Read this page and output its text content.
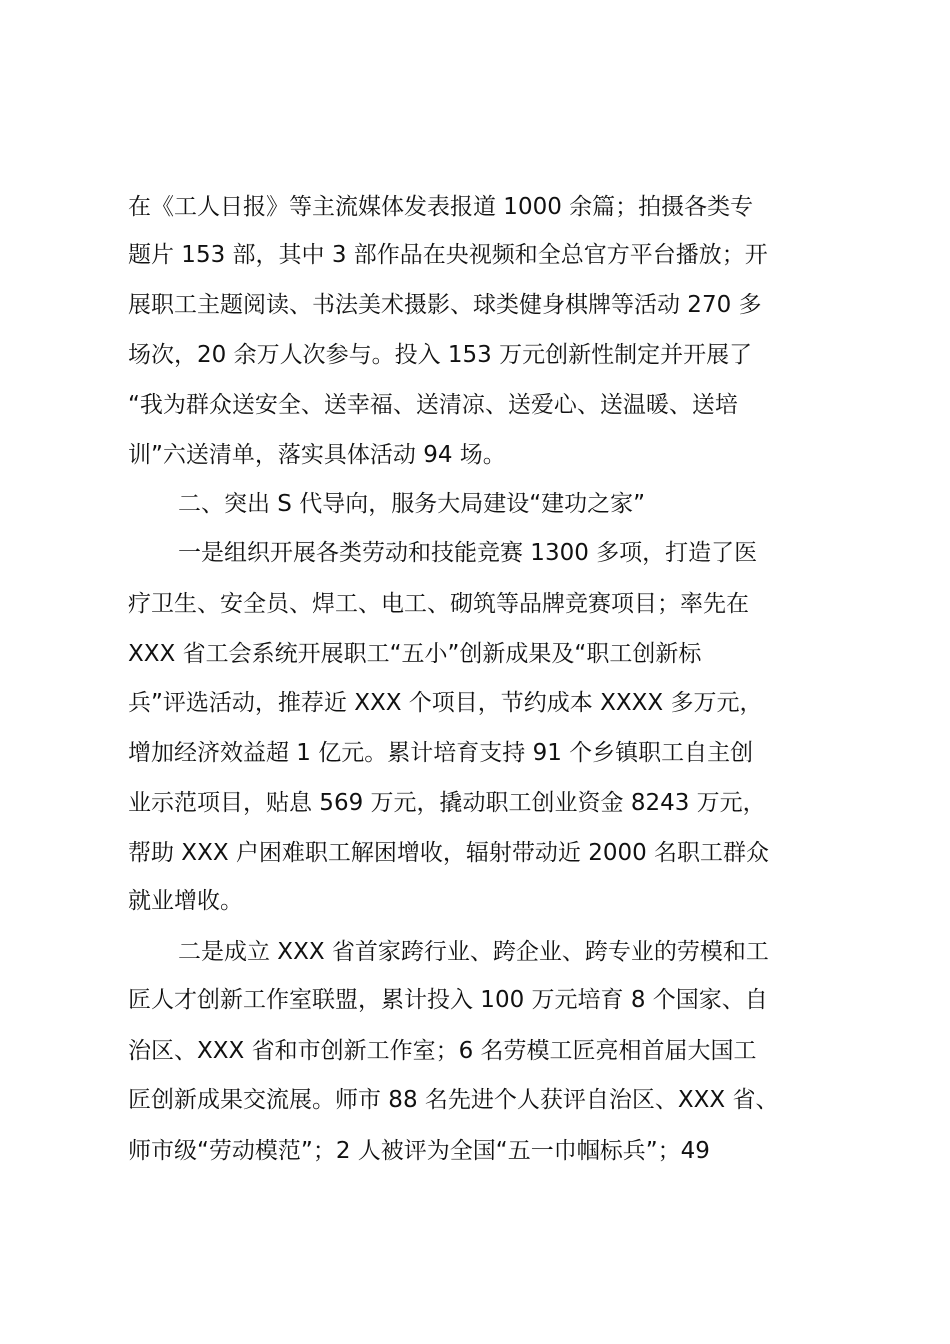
在《工人日报》等主流媒体发表报道 1000 余篇；拍摄各类专
题片 153 部，其中 3 部作品在央视频和全总官方平台播放；开
展职工主题阅读、书法美术摄影、球类健身棋牌等活动 270 多
场次，20 余万人次参与。投入 153 万元创新性制定并开展了
“我为群众送安全、送幸福、送清凉、送爱心、送温暖、送培
训”六送清单，落实具体活动 94 场。
二、突出 S 代导向，服务大局建设“建功之家”
一是组织开展各类劳动和技能竞赛 1300 多项，打造了医
疗卫生、安全员、焊工、电工、砌筑等品牌竞赛项目；率先在
XXX 省工会系统开展职工“五小”创新成果及“职工创新标
兵”评选活动，推荐近 XXX 个项目，节约成本 XXXX 多万元，
增加经济效益超 1 亿元。累计培育支持 91 个乡镇职工自主创
业示范项目，贴息 569 万元，撬动职工创业资金 8243 万元，
帮助 XXX 户困难职工解困增收，辐射带动近 2000 名职工群众
就业增收。
二是成立 XXX 省首家跨行业、跨企业、跨专业的劳模和工
匠人才创新工作室联盟，累计投入 100 万元培育 8 个国家、自
治区、XXX 省和市创新工作室；6 名劳模工匠亮相首届大国工
匠创新成果交流展。师市 88 名先进个人获评自治区、XXX 省、
师市级“劳动模范”；2 人被评为全国“五一巾帼标兵”；49
